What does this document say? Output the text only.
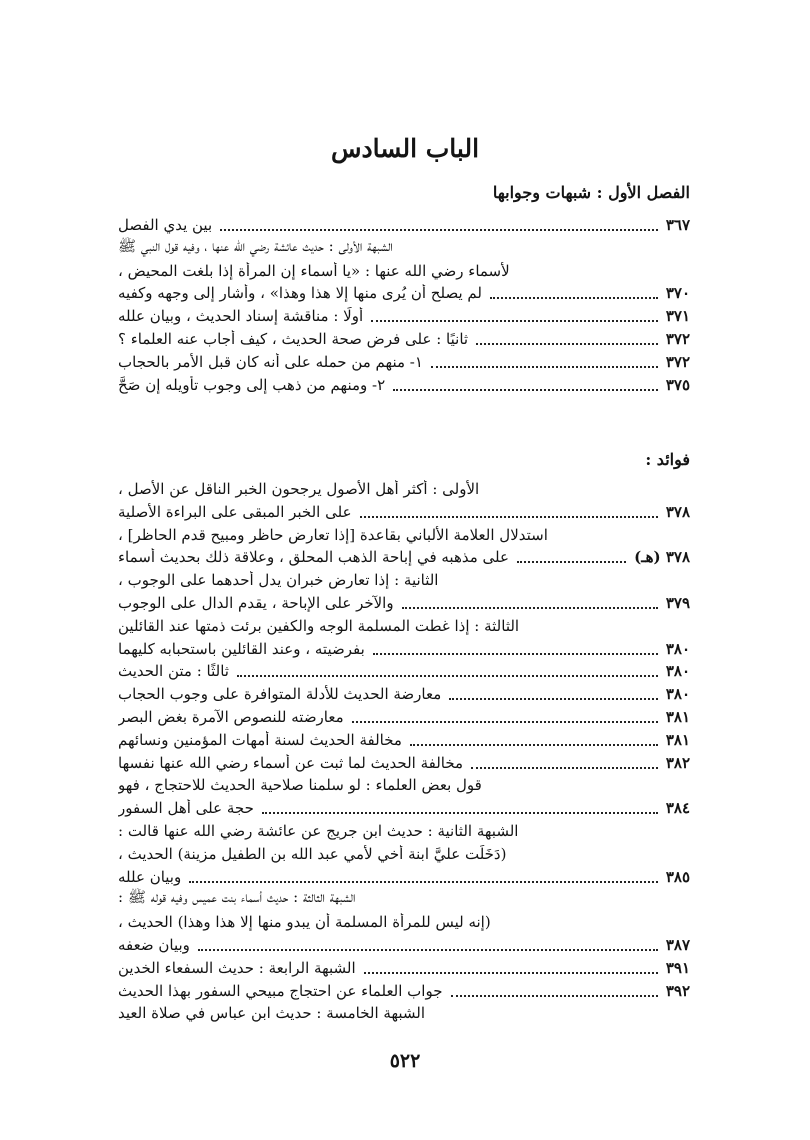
الباب السادس
الفصل الأول : شبهات وجوابها
بين يدي الفصل	٣٦٧
الشبهة الأولى : حديث عائشة رضي الله عنها ، وفيه قول النبي ﷺ
لأسماء رضي الله عنها : «يا أسماء إن المرأة إذا بلغت المحيض ،
لم يصلح أن يُرى منها إلا هذا وهذا» ، وأشار إلى وجهه وكفيه	٣٧٠
أولًا : مناقشة إسناد الحديث ، وبيان علله	٣٧١
ثانيًا : على فرض صحة الحديث ، كيف أجاب عنه العلماء ؟	٣٧٢
١- منهم من حمله على أنه كان قبل الأمر بالحجاب	٣٧٢
٢- ومنهم من ذهب إلى وجوب تأويله إن صَحَّ	٣٧٥
فوائد :
الأولى : أكثر أهل الأصول يرجحون الخبر الناقل عن الأصل ،
على الخبر المبقى على البراءة الأصلية	٣٧٨
استدلال العلامة الألباني بقاعدة [إذا تعارض حاظر ومبيح قدم الحاظر] ،
على مذهبه في إباحة الذهب المحلق ، وعلاقة ذلك بحديث أسماء	٣٧٨ (هـ)
الثانية : إذا تعارض خبران يدل أحدهما على الوجوب ،
والآخر على الإباحة ، يقدم الدال على الوجوب	٣٧٩
الثالثة : إذا غطت المسلمة الوجه والكفين برئت ذمتها عند القائلين
بفرضيته ، وعند القائلين باستحبابه كليهما	٣٨٠
ثالثًا : متن الحديث	٣٨٠
معارضة الحديث للأدلة المتوافرة على وجوب الحجاب	٣٨٠
معارضته للنصوص الآمرة بغض البصر	٣٨١
مخالفة الحديث لسنة أمهات المؤمنين ونسائهم	٣٨١
مخالفة الحديث لما ثبت عن أسماء رضي الله عنها نفسها	٣٨٢
قول بعض العلماء : لو سلمنا صلاحية الحديث للاحتجاج ، فهو
حجة على أهل السفور	٣٨٤
الشبهة الثانية : حديث ابن جريج عن عائشة رضي الله عنها قالت :
(دَخَلَت عليَّ ابنة أخي لأمي عبد الله بن الطفيل مزينة) الحديث ،
وبيان علله	٣٨٥
الشبهة الثالثة : حديث أسماء بنت عميس وفيه قوله ﷺ :
(إنه ليس للمرأة المسلمة أن يبدو منها إلا هذا وهذا) الحديث ،
وبيان ضعفه	٣٨٧
الشبهة الرابعة : حديث السفعاء الخدين	٣٩١
جواب العلماء عن احتجاج مبيحي السفور بهذا الحديث	٣٩٢
الشبهة الخامسة : حديث ابن عباس في صلاة العيد
٥٢٢
